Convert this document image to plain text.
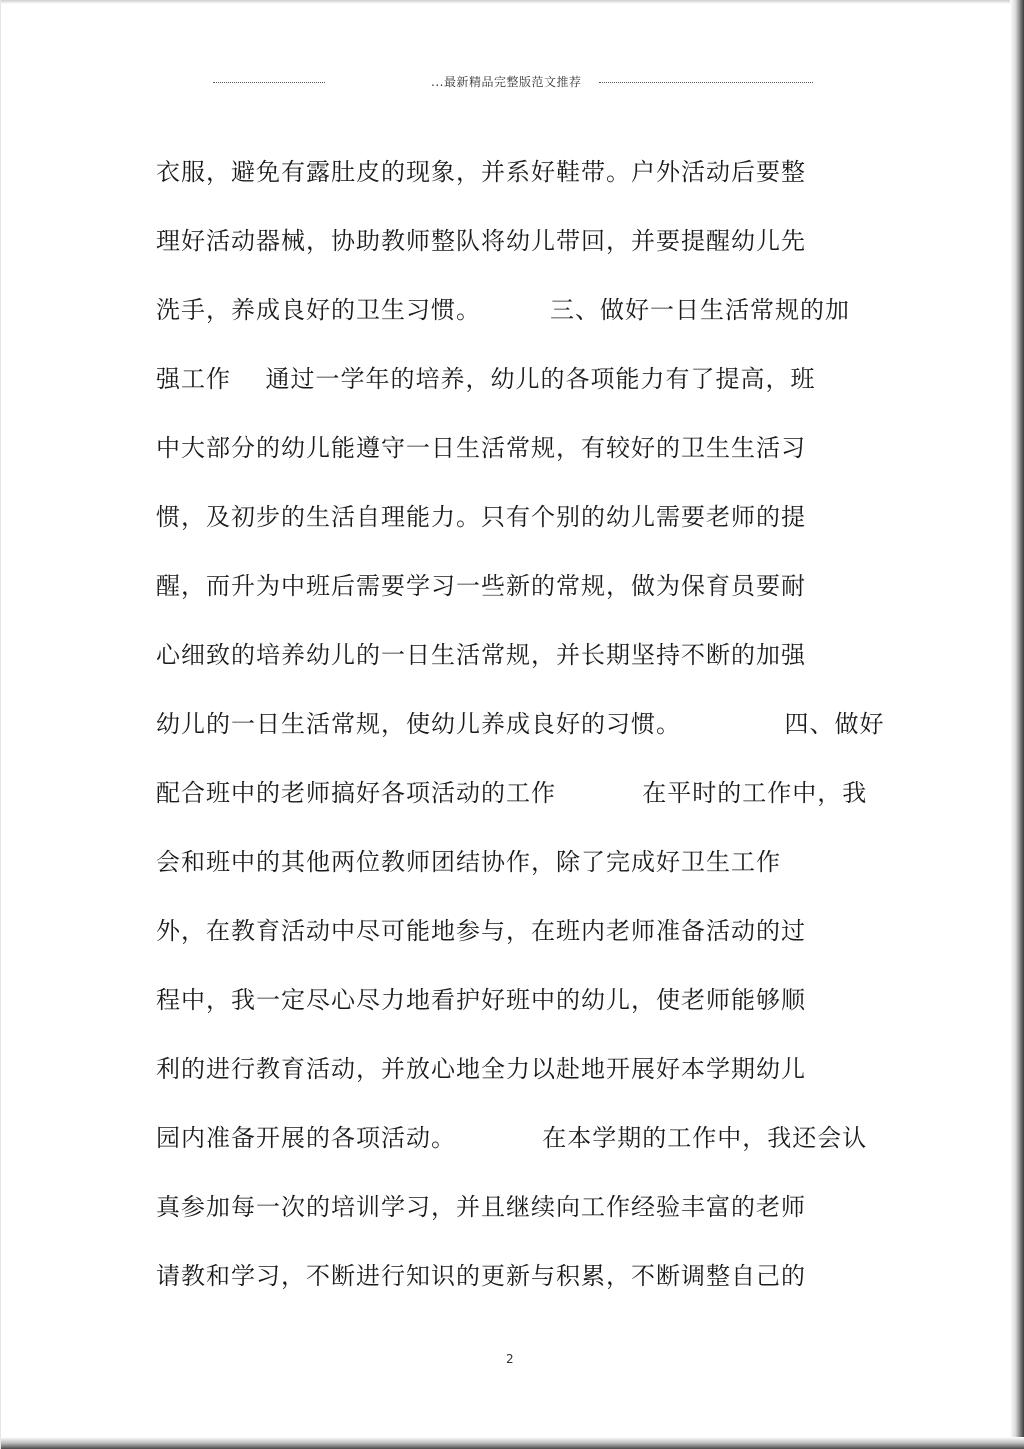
...最新精品完整版范文推荐
衣服，避免有露肚皮的现象，并系好鞋带。户外活动后要整
理好活动器械，协助教师整队将幼儿带回，并要提醒幼儿先
洗手，养成良好的卫生习惯。        三、做好一日生活常规的加
强工作    通过一学年的培养，幼儿的各项能力有了提高，班
中大部分的幼儿能遵守一日生活常规，有较好的卫生生活习
惯，及初步的生活自理能力。只有个别的幼儿需要老师的提
醒，而升为中班后需要学习一些新的常规，做为保育员要耐
心细致的培养幼儿的一日生活常规，并长期坚持不断的加强
幼儿的一日生活常规，使幼儿养成良好的习惯。            四、做好
配合班中的老师搞好各项活动的工作          在平时的工作中，我
会和班中的其他两位教师团结协作，除了完成好卫生工作
外，在教育活动中尽可能地参与，在班内老师准备活动的过
程中，我一定尽心尽力地看护好班中的幼儿，使老师能够顺
利的进行教育活动，并放心地全力以赴地开展好本学期幼儿
园内准备开展的各项活动。          在本学期的工作中，我还会认
真参加每一次的培训学习，并且继续向工作经验丰富的老师
请教和学习，不断进行知识的更新与积累，不断调整自己的
2
